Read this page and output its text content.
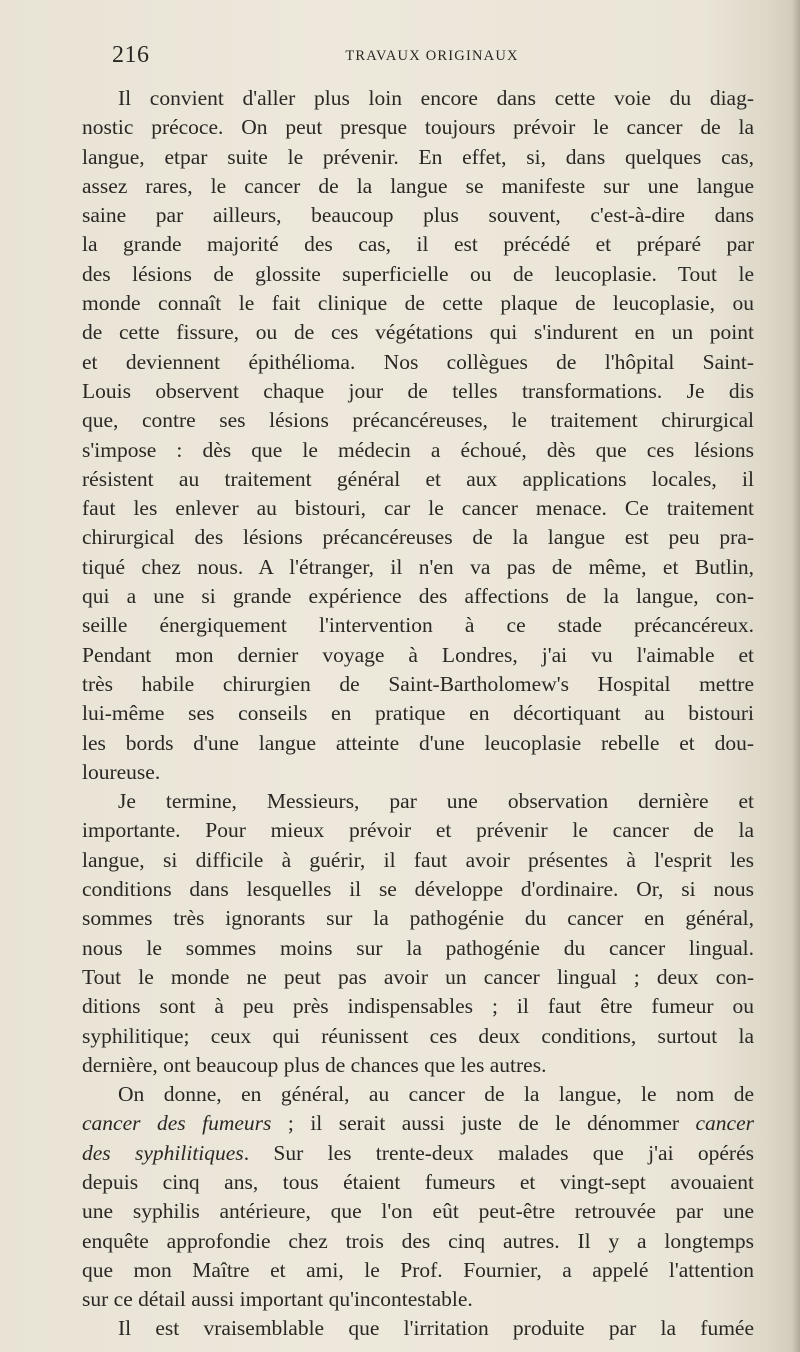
216	TRAVAUX ORIGINAUX
Il convient d'aller plus loin encore dans cette voie du diag-
nostic précoce. On peut presque toujours prévoir le cancer de la
langue, etpar suite le prévenir. En effet, si, dans quelques cas,
assez rares, le cancer de la langue se manifeste sur une langue
saine par ailleurs, beaucoup plus souvent, c'est-à-dire dans
la grande majorité des cas, il est précédé et préparé par
des lésions de glossite superficielle ou de leucoplasie. Tout le
monde connaît le fait clinique de cette plaque de leucoplasie, ou
de cette fissure, ou de ces végétations qui s'indurent en un point
et deviennent épithélioma. Nos collègues de l'hôpital Saint-
Louis observent chaque jour de telles transformations. Je dis
que, contre ses lésions précancéreuses, le traitement chirurgical
s'impose : dès que le médecin a échoué, dès que ces lésions
résistent au traitement général et aux applications locales, il
faut les enlever au bistouri, car le cancer menace. Ce traitement
chirurgical des lésions précancéreuses de la langue est peu pra-
tiqué chez nous. A l'étranger, il n'en va pas de même, et Butlin,
qui a une si grande expérience des affections de la langue, con-
seille énergiquement l'intervention à ce stade précancéreux.
Pendant mon dernier voyage à Londres, j'ai vu l'aimable et
très habile chirurgien de Saint-Bartholomew's Hospital mettre
lui-même ses conseils en pratique en décortiquant au bistouri
les bords d'une langue atteinte d'une leucoplasie rebelle et dou-
loureuse.
Je termine, Messieurs, par une observation dernière et
importante. Pour mieux prévoir et prévenir le cancer de la
langue, si difficile à guérir, il faut avoir présentes à l'esprit les
conditions dans lesquelles il se développe d'ordinaire. Or, si nous
sommes très ignorants sur la pathogénie du cancer en général,
nous le sommes moins sur la pathogénie du cancer lingual.
Tout le monde ne peut pas avoir un cancer lingual ; deux con-
ditions sont à peu près indispensables ; il faut être fumeur ou
syphilitique; ceux qui réunissent ces deux conditions, surtout la
dernière, ont beaucoup plus de chances que les autres.
On donne, en général, au cancer de la langue, le nom de
cancer des fumeurs ; il serait aussi juste de le dénommer cancer
des syphilitiques. Sur les trente-deux malades que j'ai opérés
depuis cinq ans, tous étaient fumeurs et vingt-sept avouaient
une syphilis antérieure, que l'on eût peut-être retrouvée par une
enquête approfondie chez trois des cinq autres. Il y a longtemps
que mon Maître et ami, le Prof. Fournier, a appelé l'attention
sur ce détail aussi important qu'incontestable.
Il est vraisemblable que l'irritation produite par la fumée
